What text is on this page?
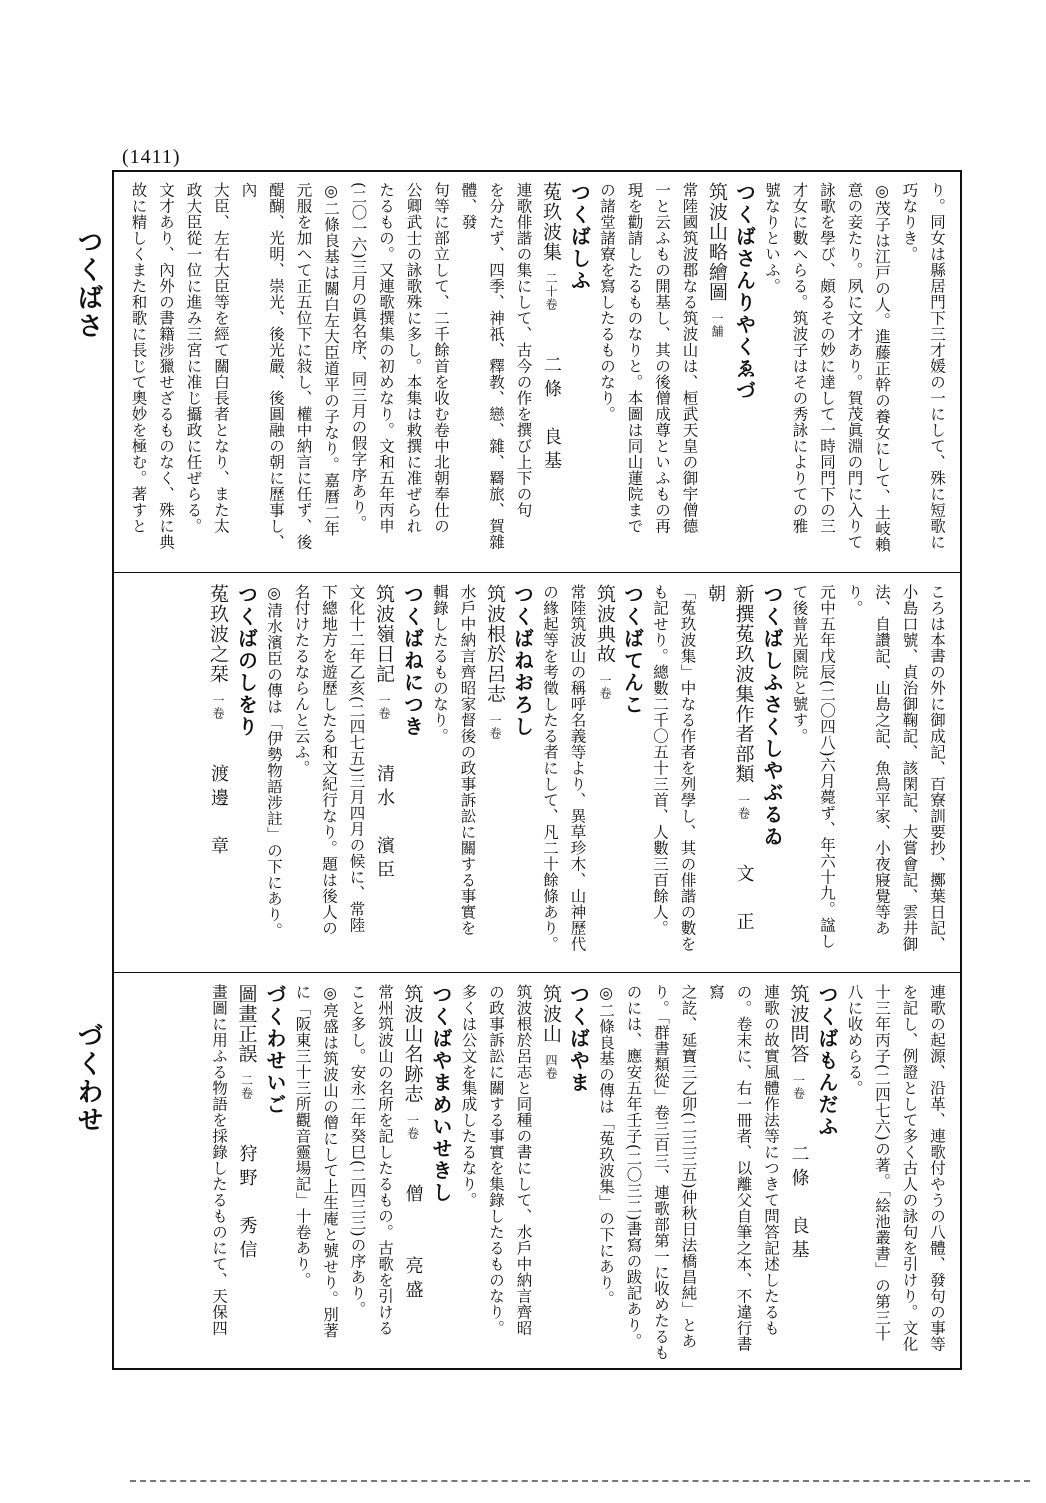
(1411)
つくばさ
づくわせ
り。同女は縣居門下三才媛の一にして、殊に短歌に
巧なりき。
◎茂子は江戸の人。進藤正幹の養女にして、土岐賴
意の妾たり。夙に文才あり。賀茂眞淵の門に入りて
詠歌を學び、頗るその妙に達して一時同門下の三
才女に數へらる。筑波子はその秀詠によりての雅
號なりといふ。
つくばさんりやくゑづ
筑波山略繪圖一舗
常陸國筑波郡なる筑波山は、桓武天皇の御宇僧德
一と云ふもの開基し、其の後僧成尊といふもの再
現を勸請したるものなりと。本圖は同山蓮院まで
の諸堂諸寮を寫したるものなり。
つくばしふ
菟玖波集二十卷二條　良基
連歌俳諧の集にして、古今の作を撰び上下の句
を分たず、四季、神祇、釋教、戀、雜、羇旅、賀雜體、發
句等に部立して、二千餘首を收む卷中北朝奉仕の
公卿武士の詠歌殊に多し。本集は敕撰に准ぜられ
たるもの。又連歌撰集の初めなり。文和五年丙申
(二〇一六)三月の眞名序、同三月の假字序あり。
◎二條良基は關白左大臣道平の子なり。嘉曆二年
元服を加へて正五位下に敍し、權中納言に任ず、後
醍醐、光明、崇光、後光嚴、後圓融の朝に歷事し、內
大臣、左右大臣等を經て關白長者となり、また太
政大臣從一位に進み三宮に准じ攝政に任ぜらる。
文才あり、內外の書籍涉獵せざるものなく、殊に典
故に精しくまた和歌に長じて奧妙を極む。著すと
ころは本書の外に御成記、百寮訓要抄、擲葉日記、
小島口號、貞治御鞠記、該閑記、大嘗會記、雲井御
法、自讚記、山島之記、魚鳥平家、小夜寢覺等あり。
元中五年戊辰(二〇四八)六月薨ず、年六十九。諡し
て後普光園院と號す。
つくばしふさくしやぶるゐ
新撰菟玖波集作者部類一卷文　正　朝
「菟玖波集」中なる作者を列學し、其の俳諧の數を
も記せり。總數二千〇五十三首、人數三百餘人。
つくばてんこ
筑波典故一卷
常陸筑波山の稱呼名義等より、異草珍木、山神歷代
の緣起等を考徵したる者にして、凡二十餘條あり。
つくばねおろし
筑波根於呂志一卷
水戶中納言齊昭家督後の政事訴訟に關する事實を
輯錄したるものなり。
つくばねにつき
筑波嶺日記一卷清水　濱臣
文化十二年乙亥(二四七五)三月四月の候に、常陸
下總地方を遊歷したる和文紀行なり。題は後人の
名付けたるならんと云ふ。
◎清水濱臣の傳は「伊勢物語涉註」の下にあり。
つくばのしをり
菟玖波之栞一卷渡邊　章
連歌の起源、沿革、連歌付やうの八體、發句の事等
を記し、例證として多く古人の詠句を引けり。文化
十三年丙子(二四七六)の著。「絵池叢書」の第三十
八に收めらる。
つくばもんだふ
筑波問答一卷二條　良基
連歌の故實風體作法等につきて問答記述したるも
の。卷末に、右一冊者、以離父自筆之本、不違行書寫
之訖、延寶三乙卯(二三三五)仲秋日法橋昌純」とあ
り。「群書類從」卷三百三、連歌部第一に收めたるも
のには、應安五年壬子(二〇三二)書寫の跋記あり。
◎二條良基の傳は「菟玖波集」の下にあり。
つくばやま
筑波山四卷
筑波根於呂志と同種の書にして、水戶中納言齊昭
の政事訴訟に關する事實を集錄したるものなり。
多くは公文を集成したるなり。
つくばやまめいせきし
筑波山名跡志一卷僧　　亮盛
常州筑波山の名所を記したるもの。古歌を引ける
こと多し。安永二年癸巳(二四三三)の序あり。
◎亮盛は筑波山の僧にして上生庵と號せり。別著
に「阪東三十三所觀音靈場記」十卷あり。
づくわせいご
圖畫正誤二卷狩野　秀信
畫圖に用ふる物語を採錄したるものにて、天保四
